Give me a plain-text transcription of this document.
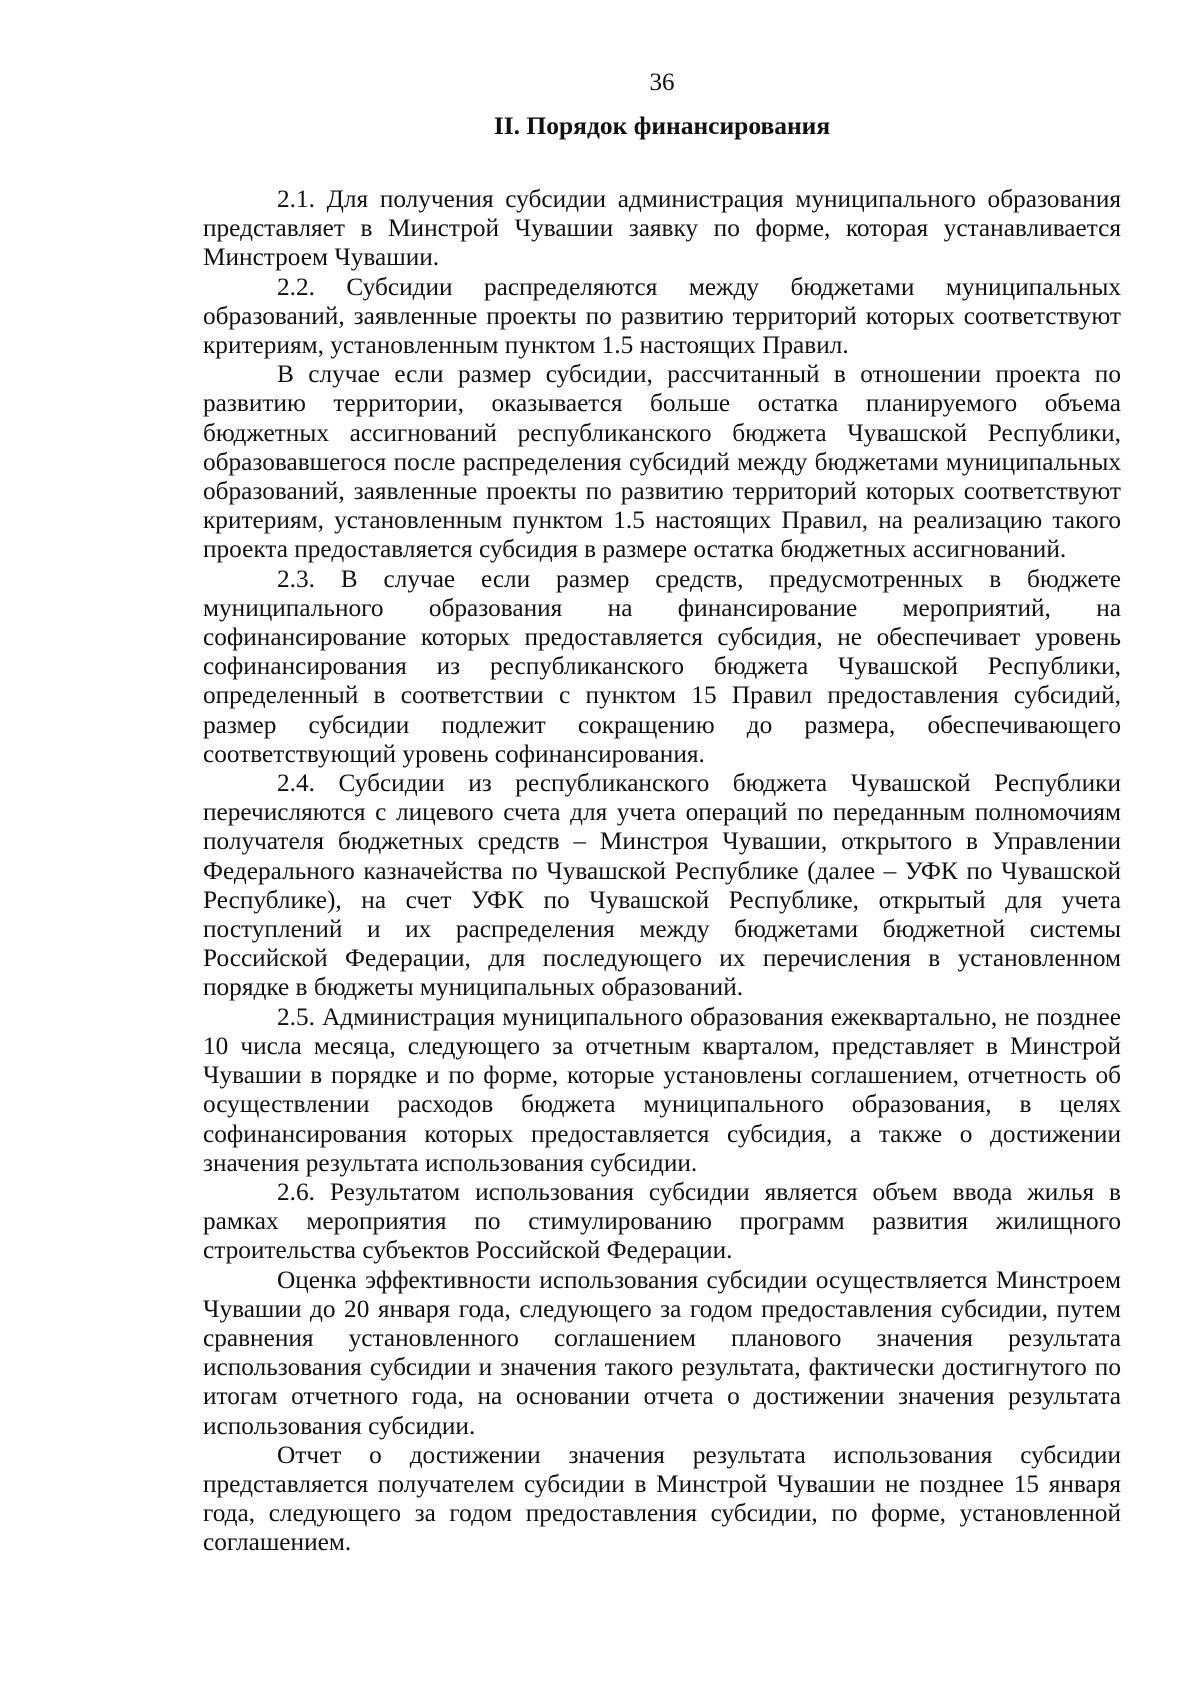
36
II. Порядок финансирования

2.1. Для получения субсидии администрация муниципального образования представляет в Минстрой Чувашии заявку по форме, которая устанавливается Минстроем Чувашии.

2.2. Субсидии распределяются между бюджетами муниципальных образований, заявленные проекты по развитию территорий которых соответствуют критериям, установленным пунктом 1.5 настоящих Правил.

В случае если размер субсидии, рассчитанный в отношении проекта по развитию территории, оказывается больше остатка планируемого объема бюджетных ассигнований республиканского бюджета Чувашской Республики, образовавшегося после распределения субсидий между бюджетами муниципальных образований, заявленные проекты по развитию территорий которых соответствуют критериям, установленным пунктом 1.5 настоящих Правил, на реализацию такого проекта предоставляется субсидия в размере остатка бюджетных ассигнований.

2.3. В случае если размер средств, предусмотренных в бюджете муниципального образования на финансирование мероприятий, на софинансирование которых предоставляется субсидия, не обеспечивает уровень софинансирования из республиканского бюджета Чувашской Республики, определенный в соответствии с пунктом 15 Правил предоставления субсидий, размер субсидии подлежит сокращению до размера, обеспечивающего соответствующий уровень софинансирования.

2.4. Субсидии из республиканского бюджета Чувашской Республики перечисляются с лицевого счета для учета операций по переданным полномочиям получателя бюджетных средств – Минстроя Чувашии, открытого в Управлении Федерального казначейства по Чувашской Республике (далее – УФК по Чувашской Республике), на счет УФК по Чувашской Республике, открытый для учета поступлений и их распределения между бюджетами бюджетной системы Российской Федерации, для последующего их перечисления в установленном порядке в бюджеты муниципальных образований.

2.5. Администрация муниципального образования ежеквартально, не позднее 10 числа месяца, следующего за отчетным кварталом, представляет в Минстрой Чувашии в порядке и по форме, которые установлены соглашением, отчетность об осуществлении расходов бюджета муниципального образования, в целях софинансирования которых предоставляется субсидия, а также о достижении значения результата использования субсидии.

2.6. Результатом использования субсидии является объем ввода жилья в рамках мероприятия по стимулированию программ развития жилищного строительства субъектов Российской Федерации.

Оценка эффективности использования субсидии осуществляется Минстроем Чувашии до 20 января года, следующего за годом предоставления субсидии, путем сравнения установленного соглашением планового значения результата использования субсидии и значения такого результата, фактически достигнутого по итогам отчетного года, на основании отчета о достижении значения результата использования субсидии.

Отчет о достижении значения результата использования субсидии представляется получателем субсидии в Минстрой Чувашии не позднее 15 января года, следующего за годом предоставления субсидии, по форме, установленной соглашением.
